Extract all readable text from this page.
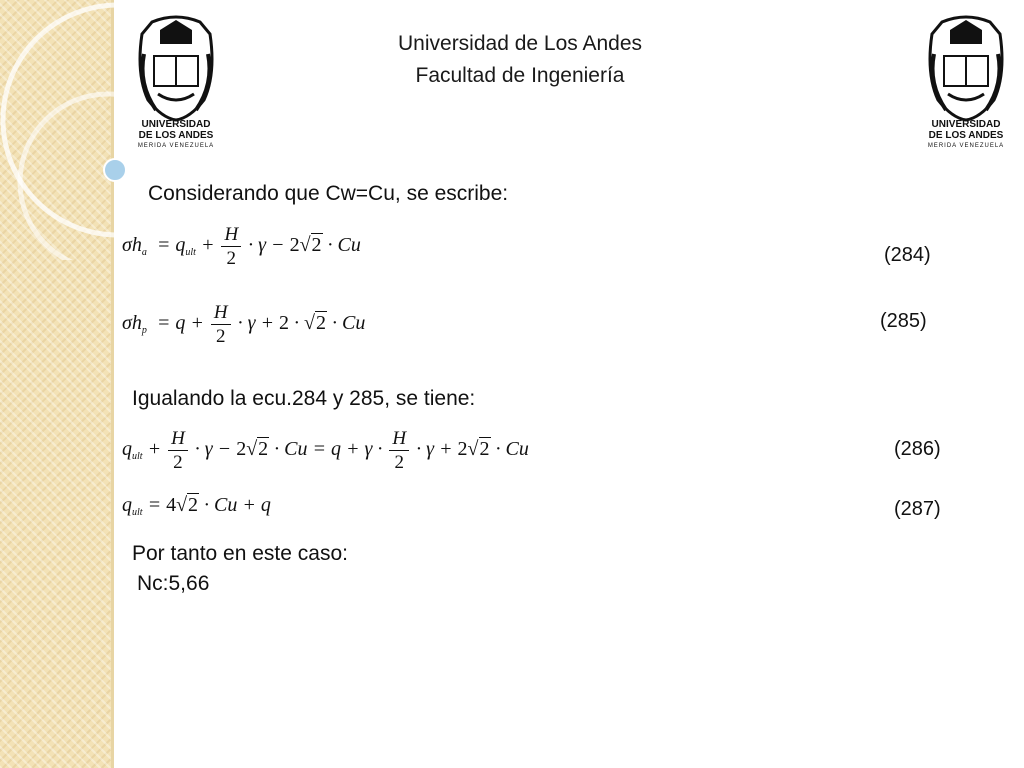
UNIVERSIDAD
DE LOS ANDES
MERIDA VENEZUELA
UNIVERSIDAD
DE LOS ANDES
MERIDA VENEZUELA
Universidad de Los Andes
Facultad de Ingeniería
Considerando que Cw=Cu, se escribe:
$\sigma h_a = q_{ult} + \frac{H}{2} \cdot \gamma - 2√2 \cdot Cu$	(284)
$\sigma h_p = q + \frac{H}{2} \cdot \gamma + 2 \cdot √2 \cdot Cu$	(285)
Igualando la ecu.284 y 285, se tiene:
$q_{ult} + \frac{H}{2} \cdot \gamma - 2√2 \cdot Cu = q + \gamma \cdot \frac{H}{2} \cdot \gamma + 2√2 \cdot Cu$	(286)
$q_{ult} = 4√2 \cdot Cu + q$	(287)
Por tanto en este caso:
Nc:5,66
